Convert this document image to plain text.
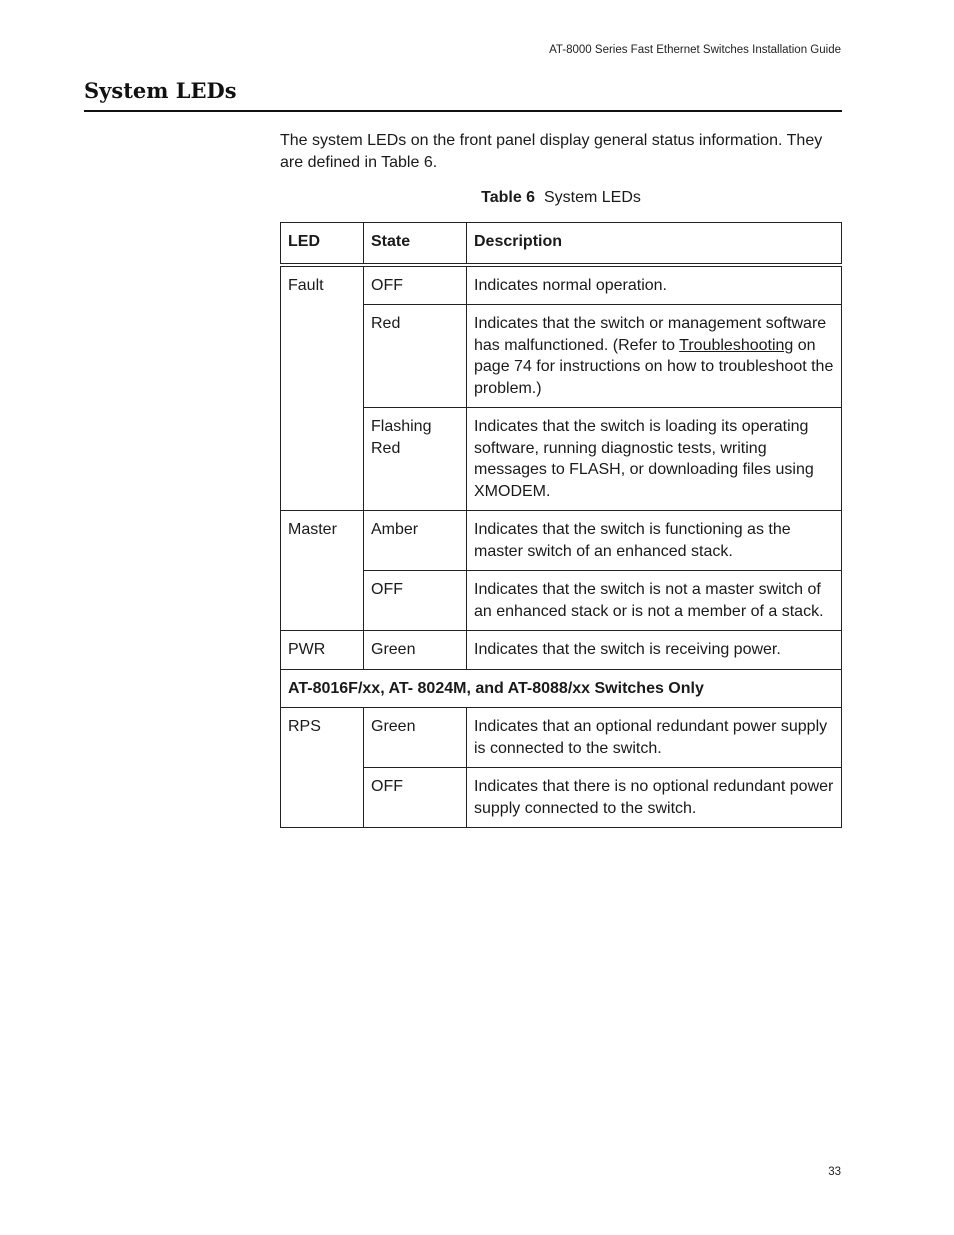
AT-8000 Series Fast Ethernet Switches Installation Guide
System LEDs

The system LEDs on the front panel display general status information. They are defined in Table 6.

Table 6 System LEDs
LED	State	Description
Fault	OFF	Indicates normal operation.
	Red	Indicates that the switch or management software has malfunctioned. (Refer to Troubleshooting on page 74 for instructions on how to troubleshoot the problem.)
	Flashing Red	Indicates that the switch is loading its operating software, running diagnostic tests, writing messages to FLASH, or downloading files using XMODEM.
Master	Amber	Indicates that the switch is functioning as the master switch of an enhanced stack.
	OFF	Indicates that the switch is not a master switch of an enhanced stack or is not a member of a stack.
PWR	Green	Indicates that the switch is receiving power.
AT-8016F/xx, AT- 8024M, and AT-8088/xx Switches Only		
RPS	Green	Indicates that an optional redundant power supply is connected to the switch.
	OFF	Indicates that there is no optional redundant power supply connected to the switch.
33
